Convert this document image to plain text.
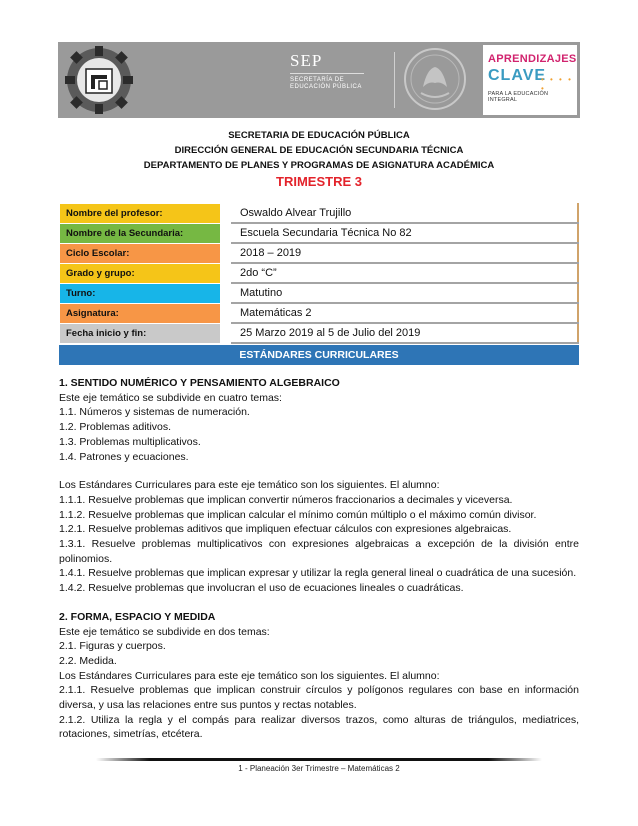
SEP
SECRETARÍA DE
EDUCACIÓN PÚBLICA
APRENDIZAJES
CLAVE
• • • • •
PARA LA EDUCACIÓN INTEGRAL
SECRETARIA DE EDUCACIÓN PÚBLICA
DIRECCIÓN GENERAL DE EDUCACIÓN SECUNDARIA TÉCNICA
DEPARTAMENTO DE PLANES Y PROGRAMAS DE ASIGNATURA ACADÉMICA
TRIMESTRE 3
Nombre del profesor:		Oswaldo Alvear Trujillo
Nombre de la Secundaria:		Escuela Secundaria Técnica No 82
Ciclo Escolar:		2018 – 2019
Grado y grupo:		2do “C”
Turno:		Matutino
Asignatura:		Matemáticas 2
Fecha inicio y fin:		25 Marzo 2019 al 5 de Julio del 2019
ESTÁNDARES CURRICULARES

1. SENTIDO NUMÉRICO Y PENSAMIENTO ALGEBRAICO

Este eje temático se subdivide en cuatro temas:

1.1. Números y sistemas de numeración.

1.2. Problemas aditivos.

1.3. Problemas multiplicativos.

1.4. Patrones y ecuaciones.

Los Estándares Curriculares para este eje temático son los siguientes. El alumno:

1.1.1. Resuelve problemas que implican convertir números fraccionarios a decimales y viceversa.

1.1.2. Resuelve problemas que implican calcular el mínimo común múltiplo o el máximo común divisor.

1.2.1. Resuelve problemas aditivos que impliquen efectuar cálculos con expresiones algebraicas.

1.3.1. Resuelve problemas multiplicativos con expresiones algebraicas a excepción de la división entre polinomios.

1.4.1. Resuelve problemas que implican expresar y utilizar la regla general lineal o cuadrática de una sucesión.

1.4.2. Resuelve problemas que involucran el uso de ecuaciones lineales o cuadráticas.

2. FORMA, ESPACIO Y MEDIDA

Este eje temático se subdivide en dos temas:

2.1. Figuras y cuerpos.

2.2. Medida.

Los Estándares Curriculares para este eje temático son los siguientes. El alumno:

2.1.1. Resuelve problemas que implican construir círculos y polígonos regulares con base en información diversa, y usa las relaciones entre sus puntos y rectas notables.

2.1.2. Utiliza la regla y el compás para realizar diversos trazos, como alturas de triángulos, mediatrices, rotaciones, simetrías, etcétera.

1 - Planeación 3er Trimestre – Matemáticas 2
